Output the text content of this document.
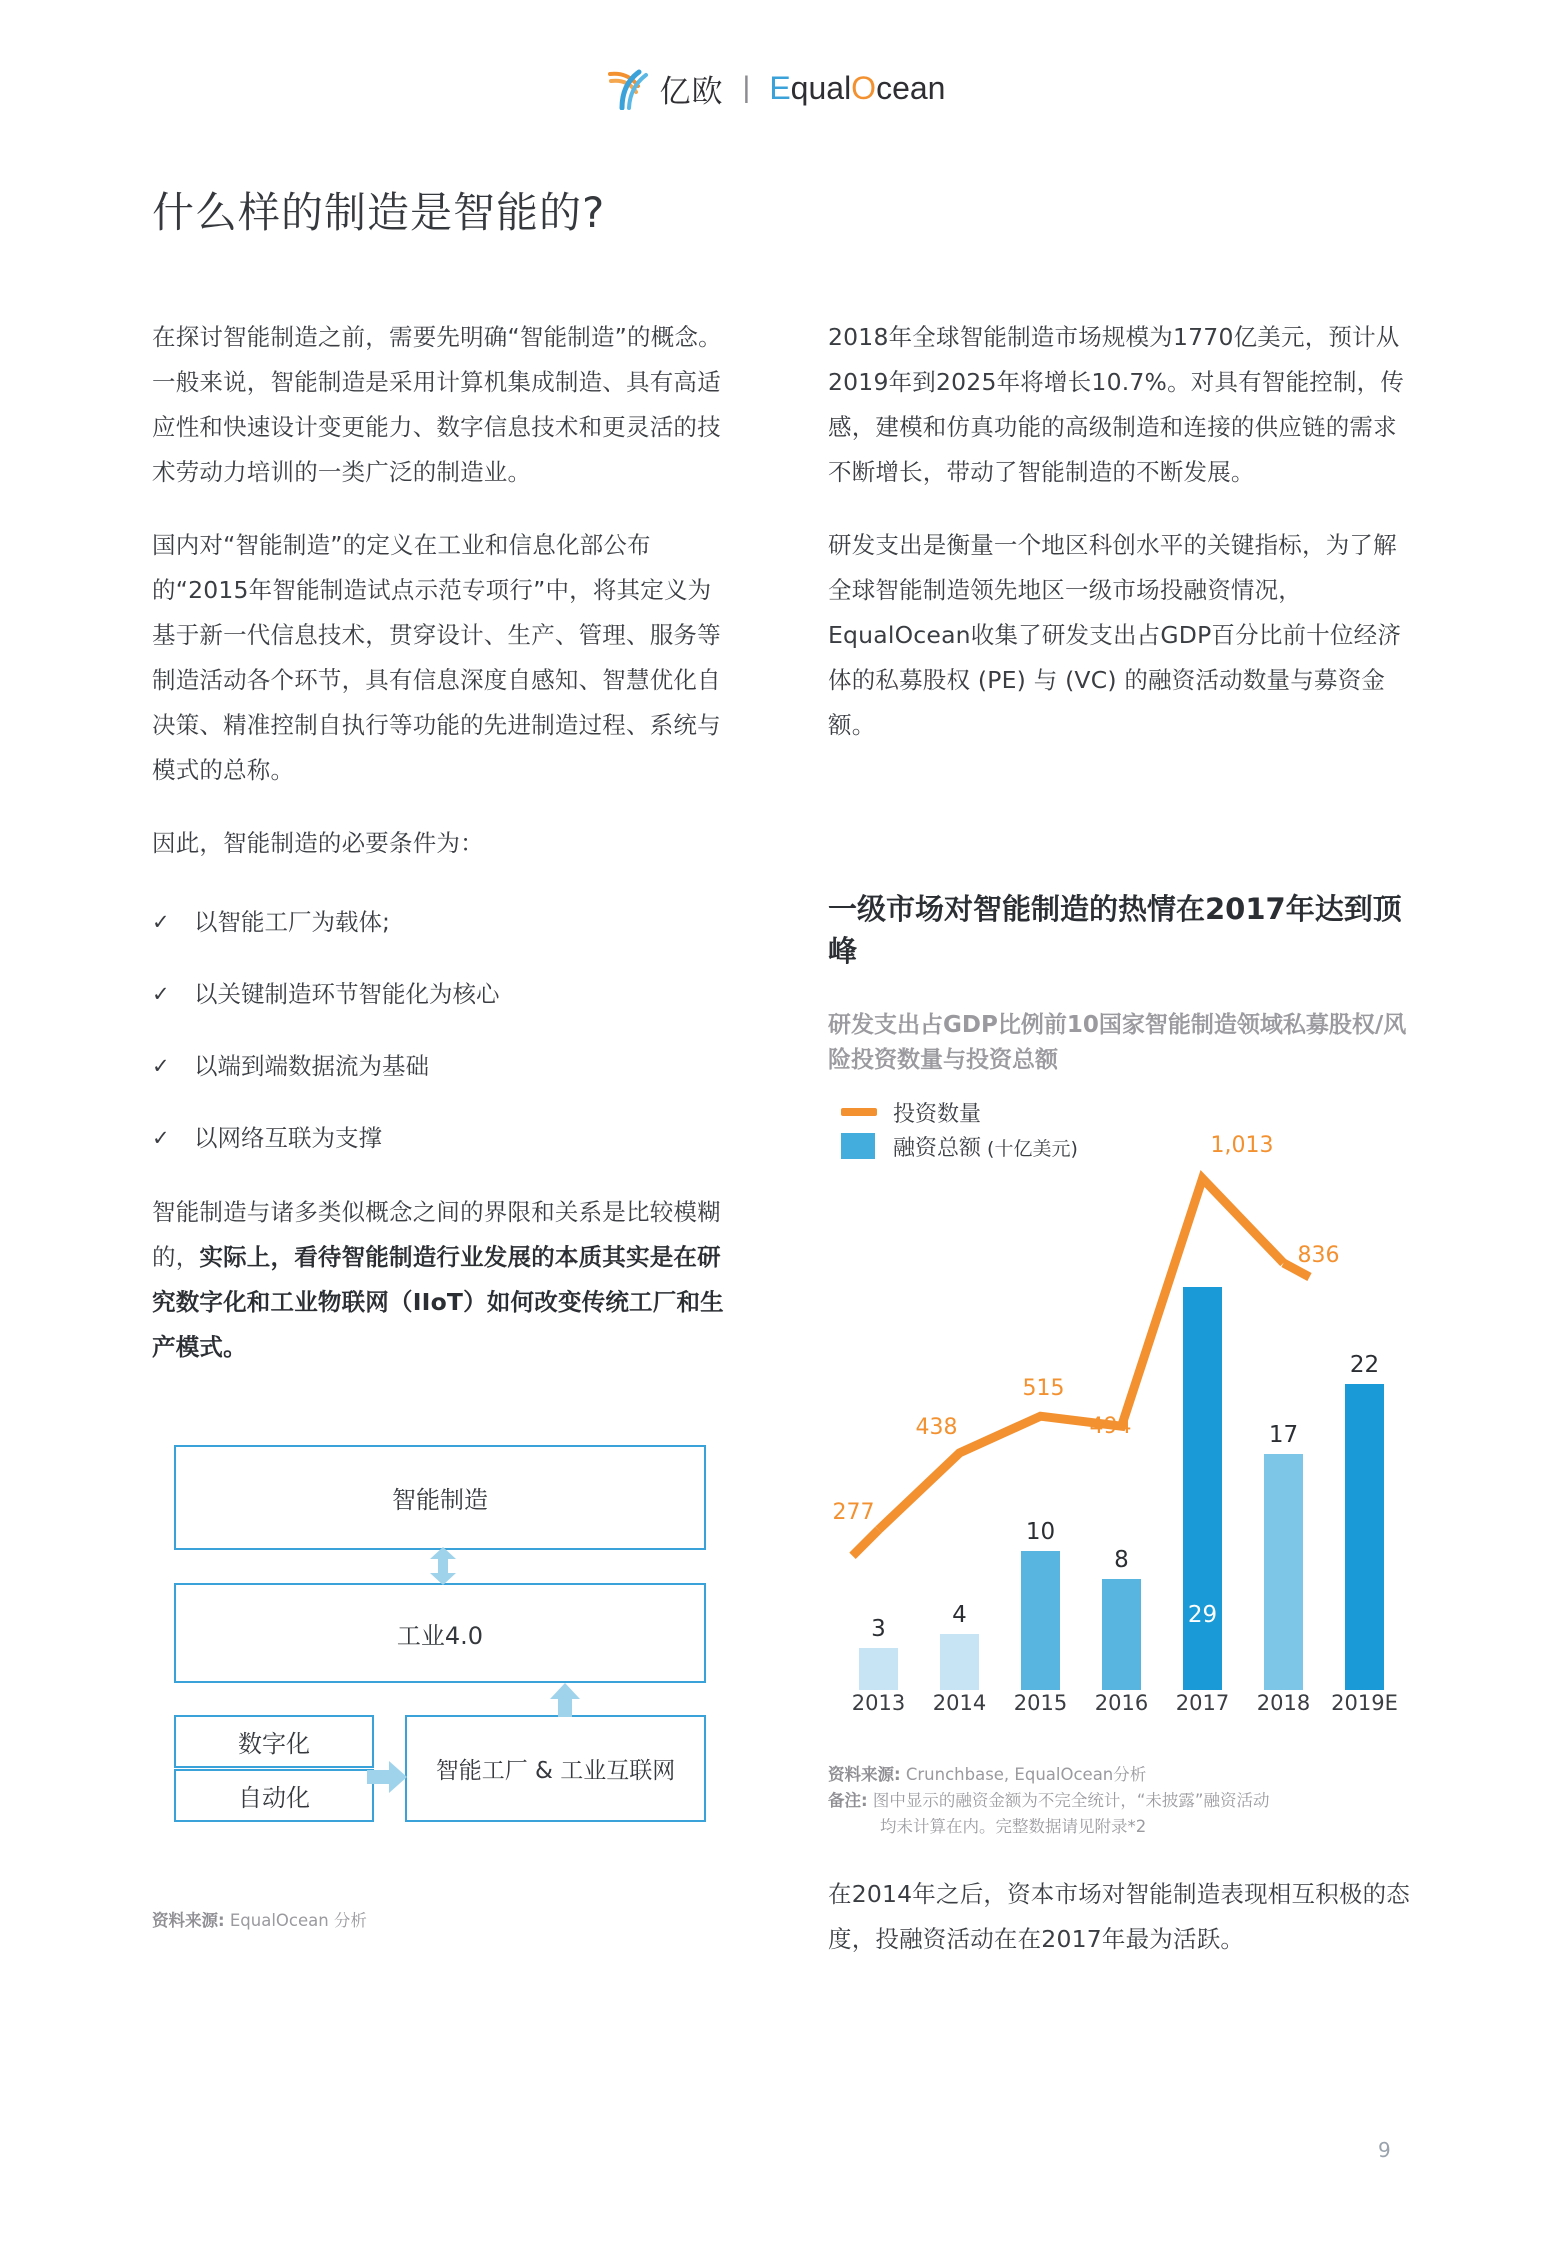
亿欧 | E qual O cean
什么样的制造是智能的?

在探讨智能制造之前，需要先明确“智能制造”的概念。一般来说，智能制造是采用计算机集成制造、具有高适应性和快速设计变更能力、数字信息技术和更灵活的技术劳动力培训的一类广泛的制造业。

国内对“智能制造”的定义在工业和信息化部公布的“2015年智能制造试点示范专项行”中，将其定义为基于新一代信息技术，贯穿设计、生产、管理、服务等制造活动各个环节，具有信息深度自感知、智慧优化自决策、精准控制自执行等功能的先进制造过程、系统与模式的总称。

因此，智能制造的必要条件为：

✓	以智能工厂为载体;
✓	以关键制造环节智能化为核心
✓	以端到端数据流为基础
✓	以网络互联为支撑

智能制造与诸多类似概念之间的界限和关系是比较模糊的，实际上，看待智能制造行业发展的本质其实是在研究数字化和工业物联网（IIoT）如何改变传统工厂和生产模式。

智能制造
工业4.0
数字化
自动化
智能工厂 & 工业互联网
资料来源: EqualOcean 分析

2018年全球智能制造市场规模为1770亿美元，预计从2019年到2025年将增长10.7%。对具有智能控制，传感，建模和仿真功能的高级制造和连接的供应链的需求不断增长，带动了智能制造的不断发展。

研发支出是衡量一个地区科创水平的关键指标，为了解全球智能制造领先地区一级市场投融资情况，EqualOcean收集了研发支出占GDP百分比前十位经济体的私募股权 (PE) 与 (VC) 的融资活动数量与募资金额。

一级市场对智能制造的热情在2017年达到顶峰
研发支出占GDP比例前10国家智能制造领域私募股权/风险投资数量与投资总额
投资数量
融资总额 (十亿美元)
3
4
10
8
29
17
22
277
438
515
494
1,013
836
2013	2014	2015	2016	2017	2018 2019E
资料来源: Crunchbase, EqualOcean分析
备注: 图中显示的融资金额为不完全统计，“未披露”融资活动
均未计算在内。完整数据请见附录*2

在2014年之后，资本市场对智能制造表现相互积极的态度，投融资活动在在2017年最为活跃。

9
